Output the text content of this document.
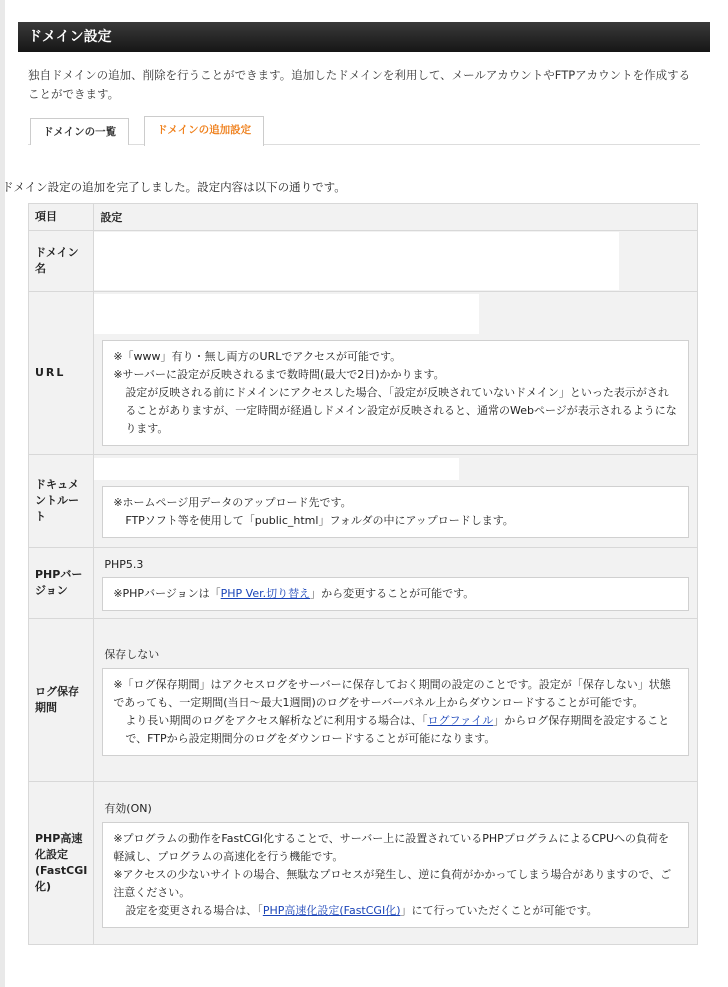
ドメイン設定
独自ドメインの追加、削除を行うことができます。追加したドメインを利用して、メールアカウントやFTPアカウントを作成することができます。
ドメインの一覧	ドメインの追加設定
ドメイン設定の追加を完了しました。設定内容は以下の通りです。
項目	設定
ドメイン名	

URL	※「www」有り・無し両方のURLでアクセスが可能です。
※サーバーに設定が反映されるまで数時間(最大で2日)かかります。
設定が反映される前にドメインにアクセスした場合、「設定が反映されていないドメイン」といった表示がされることがありますが、一定時間が経過しドメイン設定が反映されると、通常のWebページが表示されるようになります。

ドキュメントルート	※ホームページ用データのアップロード先です。
FTPソフト等を使用して「public_html」フォルダの中にアップロードします。

PHPバージョン	PHP5.3
※PHPバージョンは「PHP Ver.切り替え」から変更することが可能です。

ログ保存期間	保存しない
※「ログ保存期間」はアクセスログをサーバーに保存しておく期間の設定のことです。設定が「保存しない」状態であっても、一定期間(当日〜最大1週間)のログをサーバーパネル上からダウンロードすることが可能です。
より長い期間のログをアクセス解析などに利用する場合は、「ログファイル」からログ保存期間を設定することで、FTPから設定期間分のログをダウンロードすることが可能になります。

PHP高速化設定(FastCGI化)	有効(ON)
※プログラムの動作をFastCGI化することで、サーバー上に設置されているPHPプログラムによるCPUへの負荷を軽減し、プログラムの高速化を行う機能です。
※アクセスの少ないサイトの場合、無駄なプロセスが発生し、逆に負荷がかかってしまう場合がありますので、ご注意ください。
設定を変更される場合は、「PHP高速化設定(FastCGI化)」にて行っていただくことが可能です。
